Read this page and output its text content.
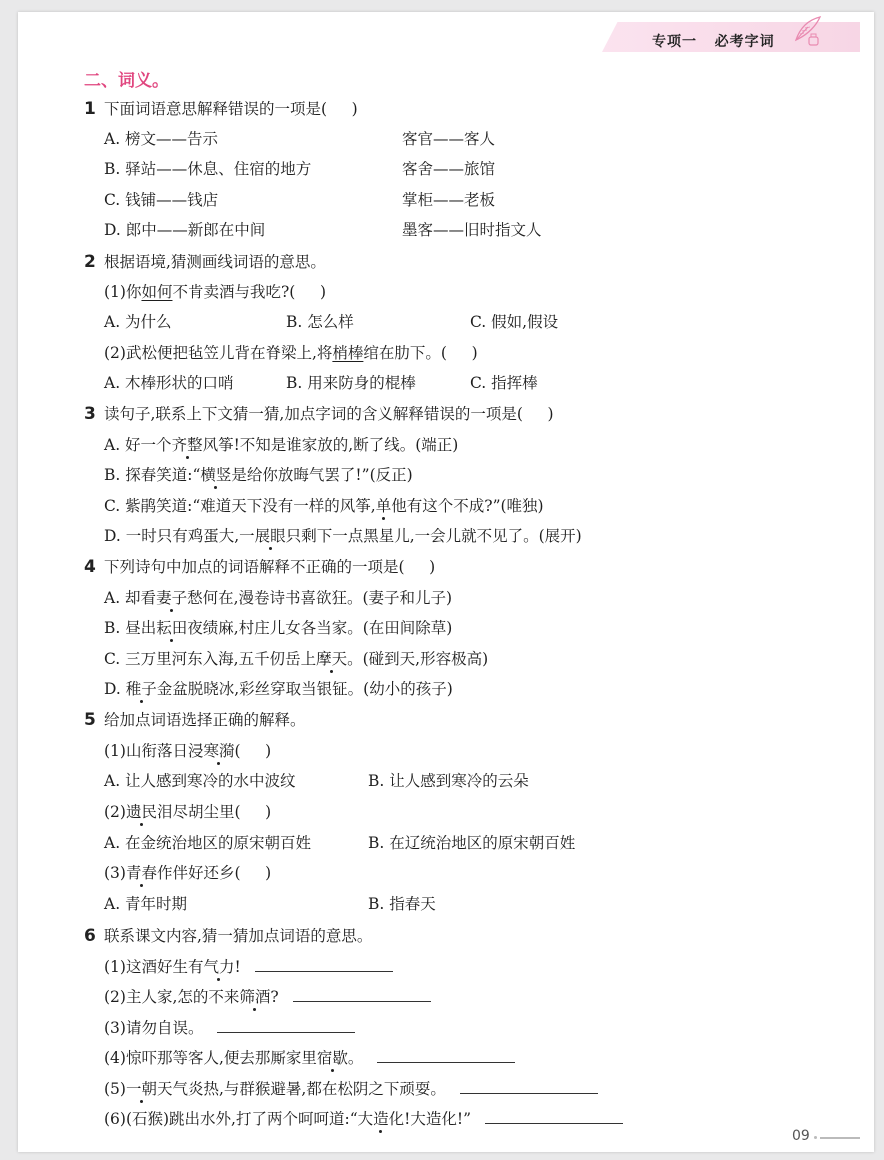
专项一   必考字词
二、词义。
1 下面词语意思解释错误的一项是(     )
A. 榜文——告示	客官——客人
B. 驿站——休息、住宿的地方	客舍——旅馆
C. 钱铺——钱店	掌柜——老板
D. 郎中——新郎在中间	墨客——旧时指文人
2 根据语境,猜测画线词语的意思。
(1)你如何不肯卖酒与我吃?(     )
A. 为什么	B. 怎么样	C. 假如,假设
(2)武松便把毡笠儿背在脊梁上,将梢棒绾在肋下。(     )
A. 木棒形状的口哨	B. 用来防身的棍棒	C. 指挥棒
3 读句子,联系上下文猜一猜,加点字词的含义解释错误的一项是(     )
A. 好一个齐整风筝!不知是谁家放的,断了线。(端正)
B. 探春笑道:“横竖是给你放晦气罢了!”(反正)
C. 紫鹃笑道:“难道天下没有一样的风筝,单他有这个不成?”(唯独)
D. 一时只有鸡蛋大,一展眼只剩下一点黑星儿,一会儿就不见了。(展开)
4 下列诗句中加点的词语解释不正确的一项是(     )
A. 却看妻子愁何在,漫卷诗书喜欲狂。(妻子和儿子)
B. 昼出耘田夜绩麻,村庄儿女各当家。(在田间除草)
C. 三万里河东入海,五千仞岳上摩天。(碰到天,形容极高)
D. 稚子金盆脱晓冰,彩丝穿取当银钲。(幼小的孩子)
5 给加点词语选择正确的解释。
(1)山衔落日浸寒漪(     )
A. 让人感到寒冷的水中波纹	B. 让人感到寒冷的云朵
(2)遗民泪尽胡尘里(     )
A. 在金统治地区的原宋朝百姓	B. 在辽统治地区的原宋朝百姓
(3)青春作伴好还乡(     )
A. 青年时期	B. 指春天
6 联系课文内容,猜一猜加点词语的意思。
(1)这酒好生有气力!
(2)主人家,怎的不来筛酒?
(3)请勿自误。
(4)惊吓那等客人,便去那厮家里宿歇。
(5)一朝天气炎热,与群猴避暑,都在松阴之下顽耍。
(6)(石猴)跳出水外,打了两个呵呵道:“大造化!大造化!”
09
